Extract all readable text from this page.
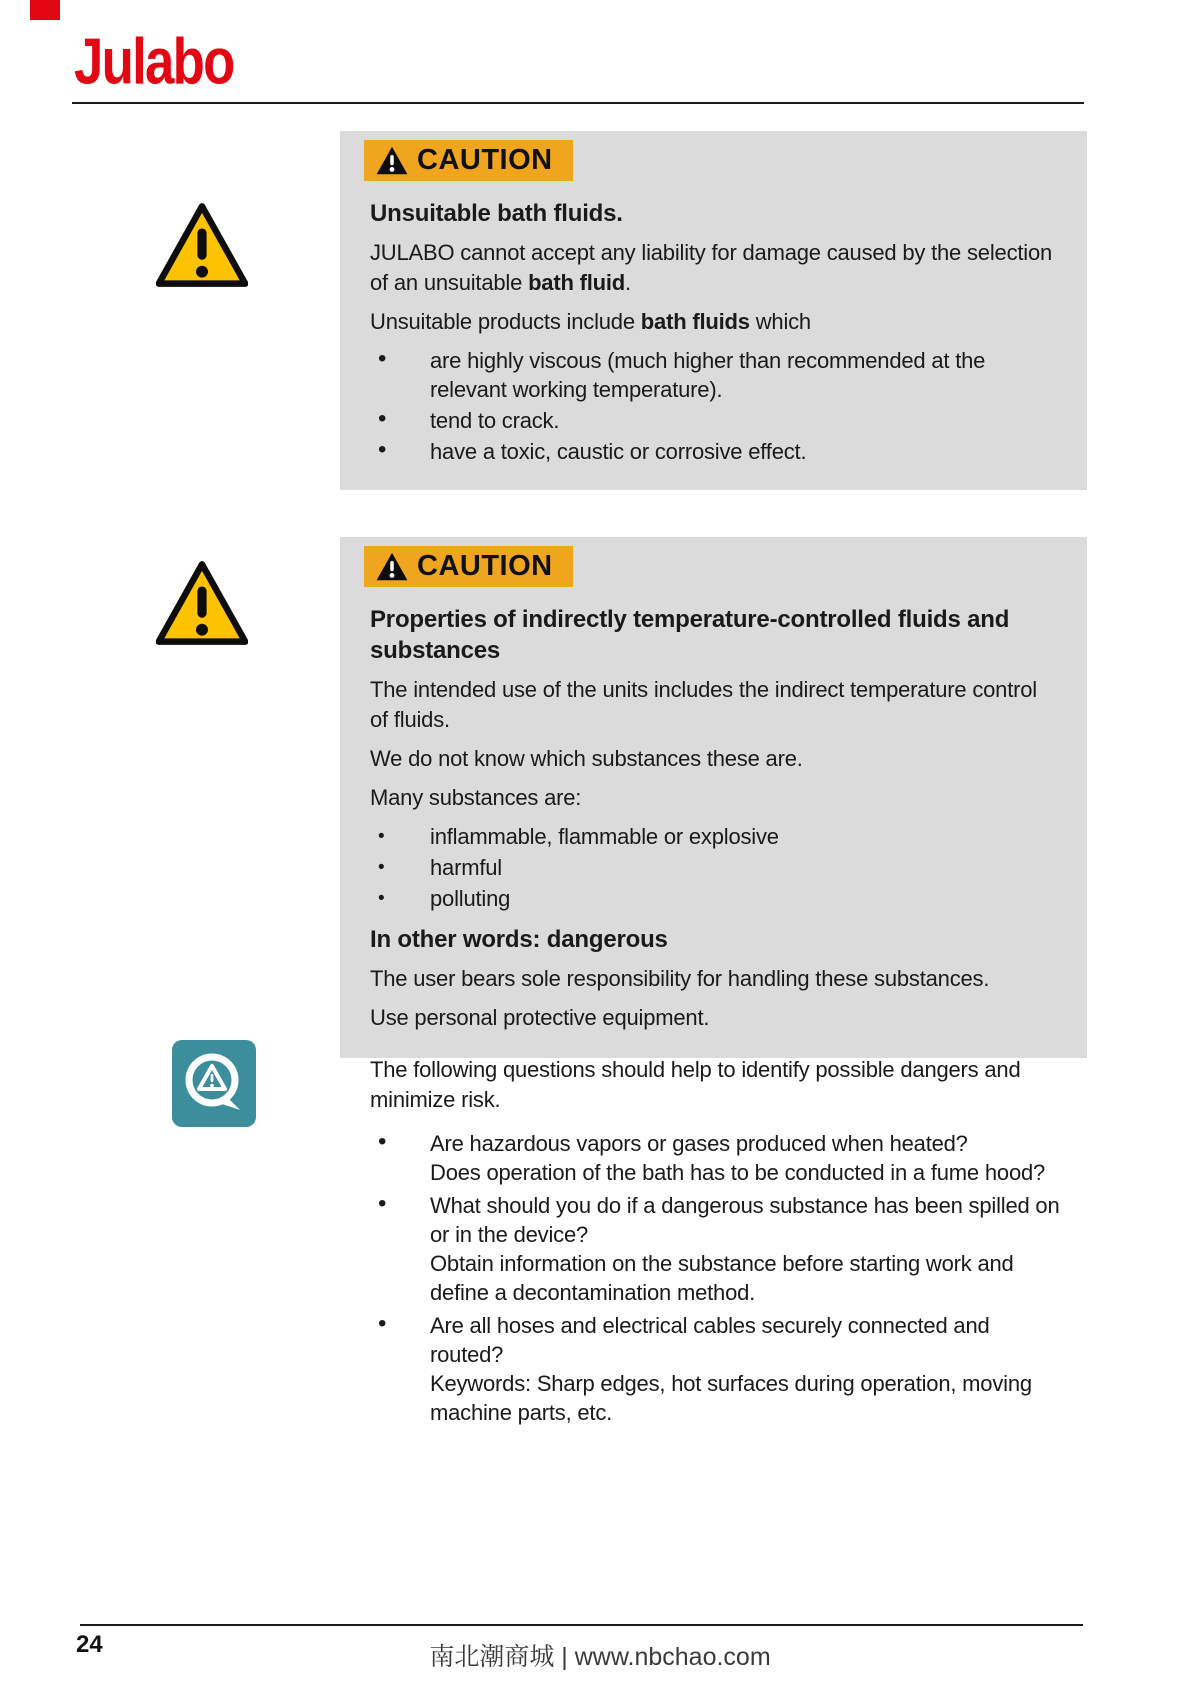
Julabo
CAUTION
Unsuitable bath fluids.

JULABO cannot accept any liability for damage caused by the selection of an unsuitable bath fluid.

Unsuitable products include bath fluids which

• are highly viscous (much higher than recommended at the relevant working temperature).
• tend to crack.
• have a toxic, caustic or corrosive effect.
CAUTION
Properties of indirectly temperature-controlled fluids and substances

The intended use of the units includes the indirect temperature control of fluids.

We do not know which substances these are.

Many substances are:

• inflammable, flammable or explosive
• harmful
• polluting
In other words: dangerous

The user bears sole responsibility for handling these substances.

Use personal protective equipment.

The following questions should help to identify possible dangers and minimize risk.

• Are hazardous vapors or gases produced when heated?
Does operation of the bath has to be conducted in a fume hood?
• What should you do if a dangerous substance has been spilled on or in the device?
Obtain information on the substance before starting work and define a decontamination method.
• Are all hoses and electrical cables securely connected and routed?
Keywords: Sharp edges, hot surfaces during operation, moving machine parts, etc.
24	南北潮商城 | www.nbchao.com
